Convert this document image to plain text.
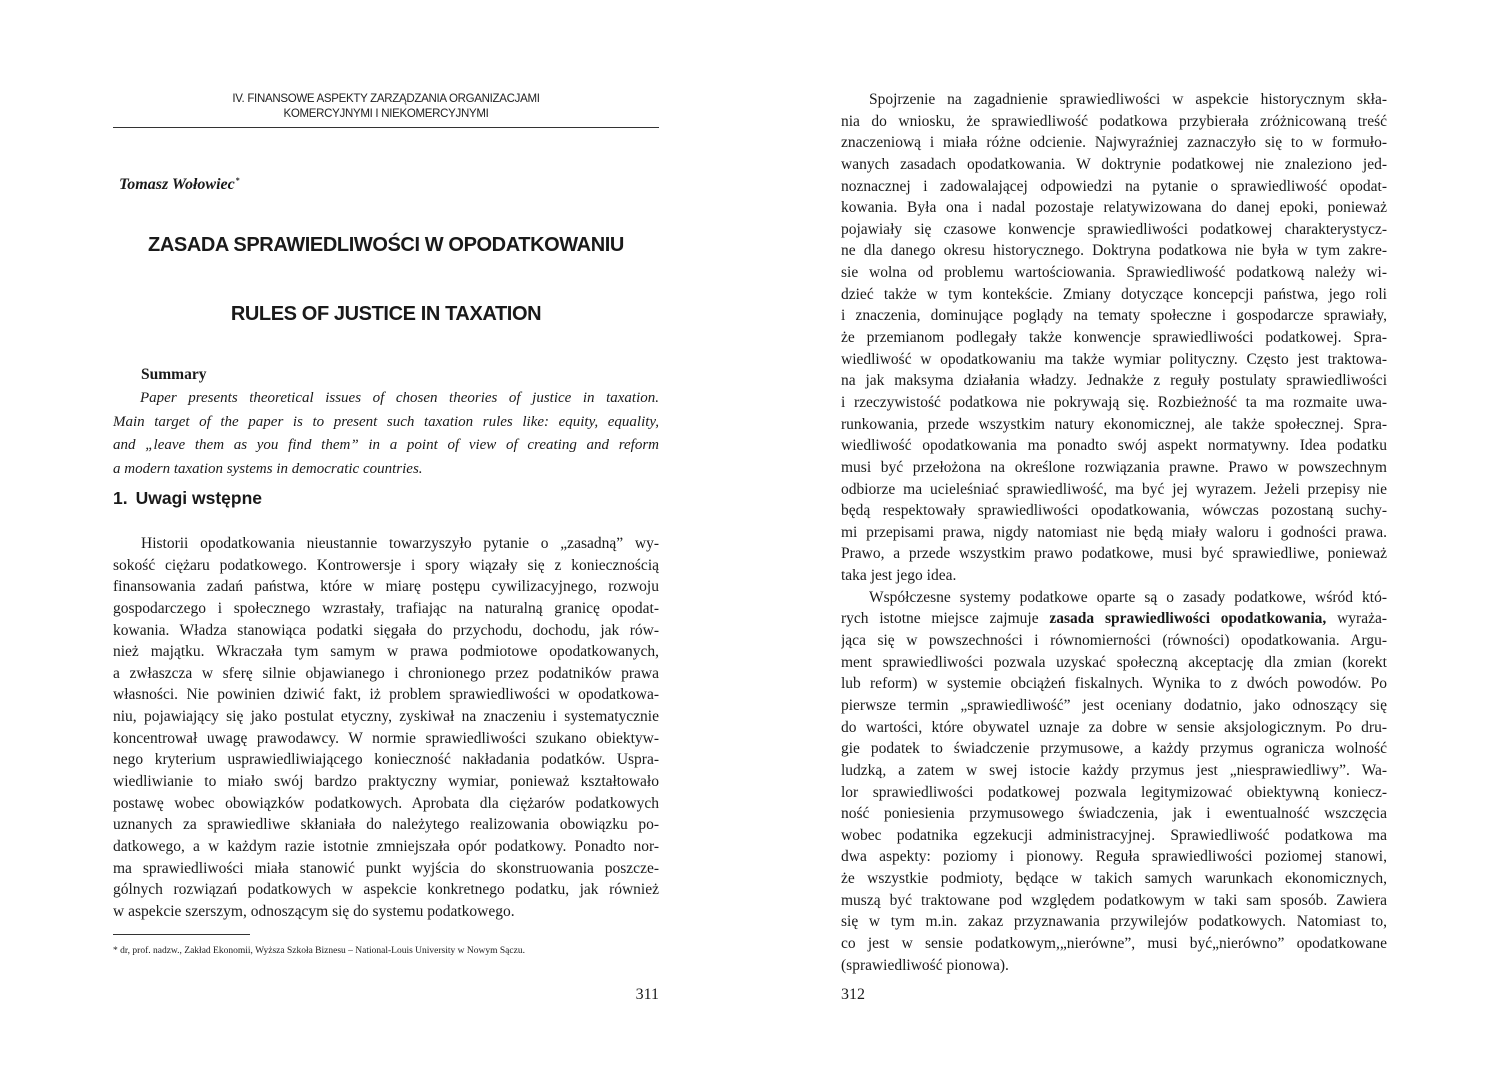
IV. FINANSOWE ASPEKTY ZARZĄDZANIA ORGANIZACJAMI
KOMERCYJNYMI I NIEKOMERCYJNYMI
Tomasz Wołowiec*
ZASADA SPRAWIEDLIWOŚCI W OPODATKOWANIU
RULES OF JUSTICE IN TAXATION
Summary
Paper presents theoretical issues of chosen theories of justice in taxation.
Main target of the paper is to present such taxation rules like: equity, equality,
and „leave them as you find them” in a point of view of creating and reform
a modern taxation systems in democratic countries.
1. Uwagi wstępne
Historii opodatkowania nieustannie towarzyszyło pytanie o „zasadną” wy-
sokość ciężaru podatkowego. Kontrowersje i spory wiązały się z koniecznością
finansowania zadań państwa, które w miarę postępu cywilizacyjnego, rozwoju
gospodarczego i społecznego wzrastały, trafiając na naturalną granicę opodat-
kowania. Władza stanowiąca podatki sięgała do przychodu, dochodu, jak rów-
nież majątku. Wkraczała tym samym w prawa podmiotowe opodatkowanych,
a zwłaszcza w sferę silnie objawianego i chronionego przez podatników prawa
własności. Nie powinien dziwić fakt, iż problem sprawiedliwości w opodatkowa-
niu, pojawiający się jako postulat etyczny, zyskiwał na znaczeniu i systematycznie
koncentrował uwagę prawodawcy. W normie sprawiedliwości szukano obiektyw-
nego kryterium usprawiedliwiającego konieczność nakładania podatków. Uspra-
wiedliwianie to miało swój bardzo praktyczny wymiar, ponieważ kształtowało
postawę wobec obowiązków podatkowych. Aprobata dla ciężarów podatkowych
uznanych za sprawiedliwe skłaniała do należytego realizowania obowiązku po-
datkowego, a w każdym razie istotnie zmniejszała opór podatkowy. Ponadto nor-
ma sprawiedliwości miała stanowić punkt wyjścia do skonstruowania poszcze-
gólnych rozwiązań podatkowych w aspekcie konkretnego podatku, jak również
w aspekcie szerszym, odnoszącym się do systemu podatkowego.
* dr, prof. nadzw., Zakład Ekonomii, Wyższa Szkoła Biznesu – National-Louis University w Nowym Sączu.
311
Spojrzenie na zagadnienie sprawiedliwości w aspekcie historycznym skła-
nia do wniosku, że sprawiedliwość podatkowa przybierała zróżnicowaną treść
znaczeniową i miała różne odcienie. Najwyraźniej zaznaczyło się to w formuło-
wanych zasadach opodatkowania. W doktrynie podatkowej nie znaleziono jed-
noznacznej i zadowalającej odpowiedzi na pytanie o sprawiedliwość opodat-
kowania. Była ona i nadal pozostaje relatywizowana do danej epoki, ponieważ
pojawiały się czasowe konwencje sprawiedliwości podatkowej charakterystycz-
ne dla danego okresu historycznego. Doktryna podatkowa nie była w tym zakre-
sie wolna od problemu wartościowania. Sprawiedliwość podatkową należy wi-
dzieć także w tym kontekście. Zmiany dotyczące koncepcji państwa, jego roli
i znaczenia, dominujące poglądy na tematy społeczne i gospodarcze sprawiały,
że przemianom podlegały także konwencje sprawiedliwości podatkowej. Spra-
wiedliwość w opodatkowaniu ma także wymiar polityczny. Często jest traktowa-
na jak maksyma działania władzy. Jednakże z reguły postulaty sprawiedliwości
i rzeczywistość podatkowa nie pokrywają się. Rozbieżność ta ma rozmaite uwa-
runkowania, przede wszystkim natury ekonomicznej, ale także społecznej. Spra-
wiedliwość opodatkowania ma ponadto swój aspekt normatywny. Idea podatku
musi być przełożona na określone rozwiązania prawne. Prawo w powszechnym
odbiorze ma ucieleśniać sprawiedliwość, ma być jej wyrazem. Jeżeli przepisy nie
będą respektowały sprawiedliwości opodatkowania, wówczas pozostaną suchy-
mi przepisami prawa, nigdy natomiast nie będą miały waloru i godności prawa.
Prawo, a przede wszystkim prawo podatkowe, musi być sprawiedliwe, ponieważ
taka jest jego idea.
Współczesne systemy podatkowe oparte są o zasady podatkowe, wśród któ-
rych istotne miejsce zajmuje zasada sprawiedliwości opodatkowania, wyraża-
jąca się w powszechności i równomierności (równości) opodatkowania. Argu-
ment sprawiedliwości pozwala uzyskać społeczną akceptację dla zmian (korekt
lub reform) w systemie obciążeń fiskalnych. Wynika to z dwóch powodów. Po
pierwsze termin „sprawiedliwość” jest oceniany dodatnio, jako odnoszący się
do wartości, które obywatel uznaje za dobre w sensie aksjologicznym. Po dru-
gie podatek to świadczenie przymusowe, a każdy przymus ogranicza wolność
ludzką, a zatem w swej istocie każdy przymus jest „niesprawiedliwy”. Wa-
lor sprawiedliwości podatkowej pozwala legitymizować obiektywną koniecz-
ność poniesienia przymusowego świadczenia, jak i ewentualność wszczęcia
wobec podatnika egzekucji administracyjnej. Sprawiedliwość podatkowa ma
dwa aspekty: poziomy i pionowy. Reguła sprawiedliwości poziomej stanowi,
że wszystkie podmioty, będące w takich samych warunkach ekonomicznych,
muszą być traktowane pod względem podatkowym w taki sam sposób. Zawiera
się w tym m.in. zakaz przyznawania przywilejów podatkowych. Natomiast to,
co jest w sensie podatkowym,„nierówne”, musi być„nierówno” opodatkowane
(sprawiedliwość pionowa).
312
